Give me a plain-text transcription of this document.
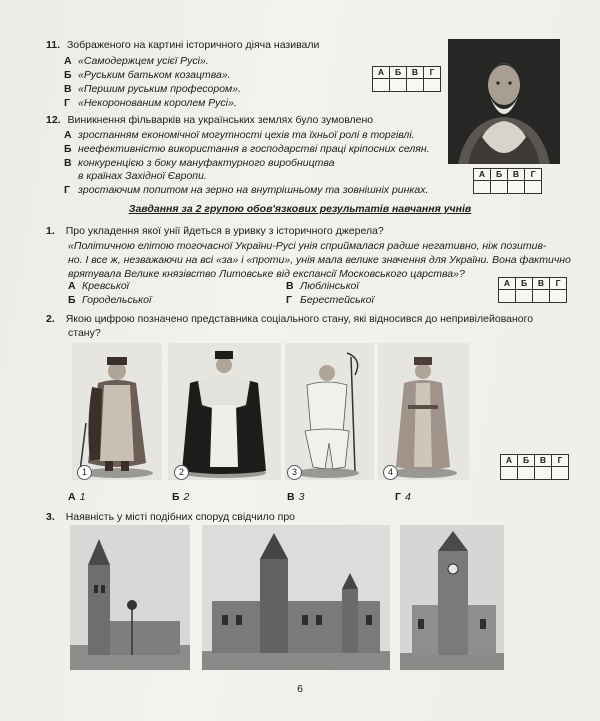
11. Зображеного на картині історичного діяча називали
А «Самодержцем усієї Русі».
Б «Руським батьком козацтва».
В «Першим руським професором».
Г «Некоронованим королем Русі».
А	Б	В	Г

12. Виникнення фільварків на українських землях було зумовлено
А зростанням економічної могутності цехів та їхньої ролі в торгівлі.
Б неефективністю використання в господарстві праці кріпосних селян.
В конкуренцією з боку мануфактурного виробництва
в країнах Західної Європи.
Г зростаючим попитом на зерно на внутрішньому та зовнішніх ринках.
А	Б	В	Г

Завдання за 2 групою обов'язкових результатів навчання учнів
1. Про укладення якої унії йдеться в уривку з історичного джерела?
«Політичною елітою тогочасної України-Русі унія сприймалася радше негативно, ніж позитив-
но. І все ж, незважаючи на всі «за» і «проти», унія мала велике значення для України. Вона фактично
врятувала Велике князівство Литовське від експансії Московського царства»?
А Кревської	В Люблінської
Б Городельської	Г Берестейської
А	Б	В	Г

2. Якою цифрою позначено представника соціального стану, які відносився до непривілейованого
стану?
1	2	3	4
А	Б	В	Г

А 1	Б 2	В 3	Г 4
3. Наявність у місті подібних споруд свідчило про
6
